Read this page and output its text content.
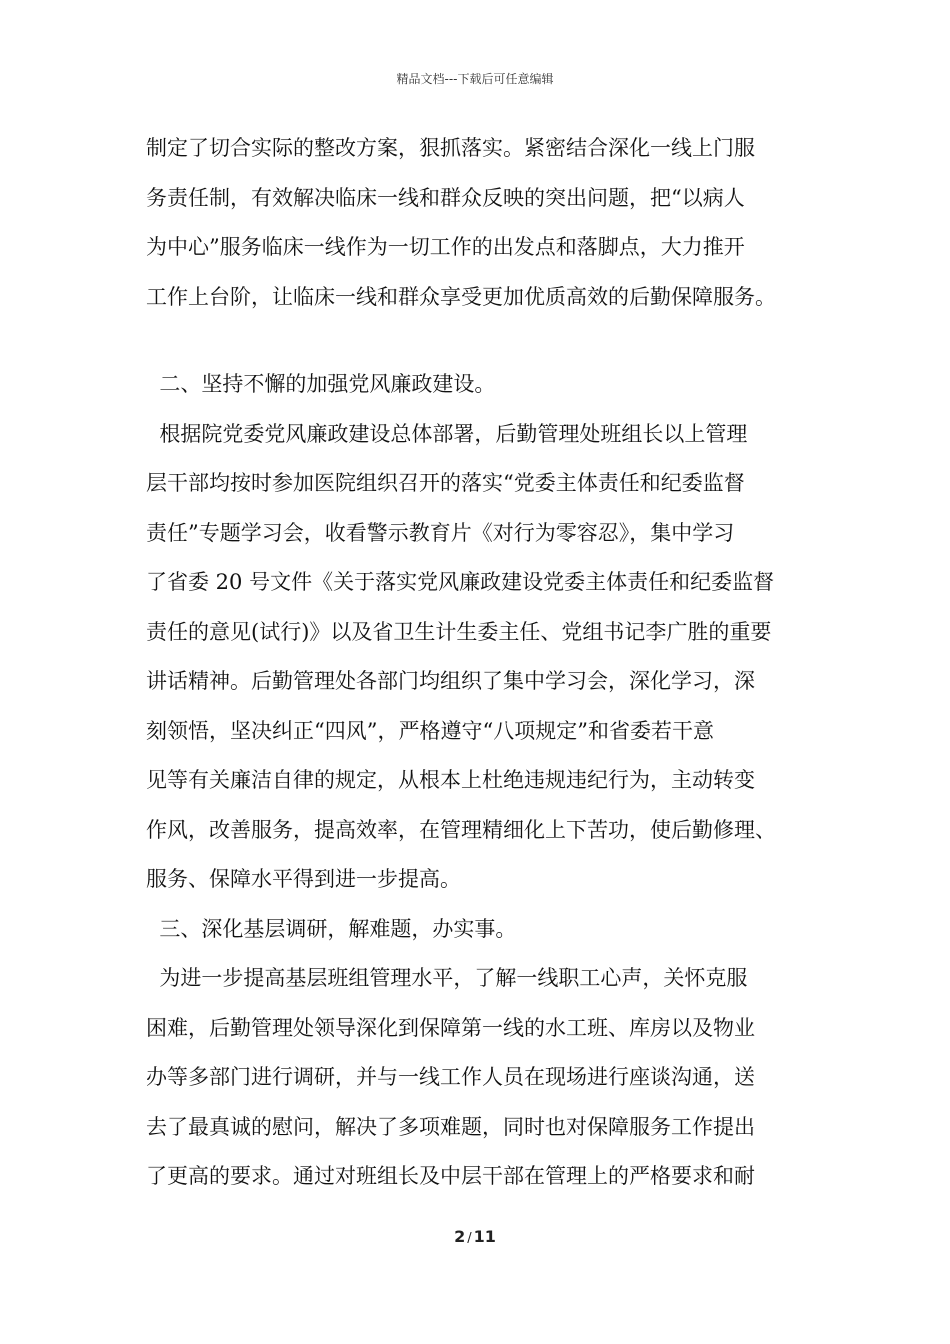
精品文档---下载后可任意编辑
制定了切合实际的整改方案，狠抓落实。紧密结合深化一线上门服
务责任制，有效解决临床一线和群众反映的突出问题，把“以病人
为中心”服务临床一线作为一切工作的出发点和落脚点，大力推开
工作上台阶，让临床一线和群众享受更加优质高效的后勤保障服务。
二、坚持不懈的加强党风廉政建设。
根据院党委党风廉政建设总体部署，后勤管理处班组长以上管理
层干部均按时参加医院组织召开的落实“党委主体责任和纪委监督
责任”专题学习会，收看警示教育片《对行为零容忍》，集中学习
了省委 20 号文件《关于落实党风廉政建设党委主体责任和纪委监督
责任的意见(试行)》以及省卫生计生委主任、党组书记李广胜的重要
讲话精神。后勤管理处各部门均组织了集中学习会，深化学习，深
刻领悟，坚决纠正“四风”，严格遵守“八项规定”和省委若干意
见等有关廉洁自律的规定，从根本上杜绝违规违纪行为，主动转变
作风，改善服务，提高效率，在管理精细化上下苦功，使后勤修理、
服务、保障水平得到进一步提高。
三、深化基层调研，解难题，办实事。
为进一步提高基层班组管理水平，了解一线职工心声，关怀克服
困难，后勤管理处领导深化到保障第一线的水工班、库房以及物业
办等多部门进行调研，并与一线工作人员在现场进行座谈沟通，送
去了最真诚的慰问，解决了多项难题，同时也对保障服务工作提出
了更高的要求。通过对班组长及中层干部在管理上的严格要求和耐
2 / 11
